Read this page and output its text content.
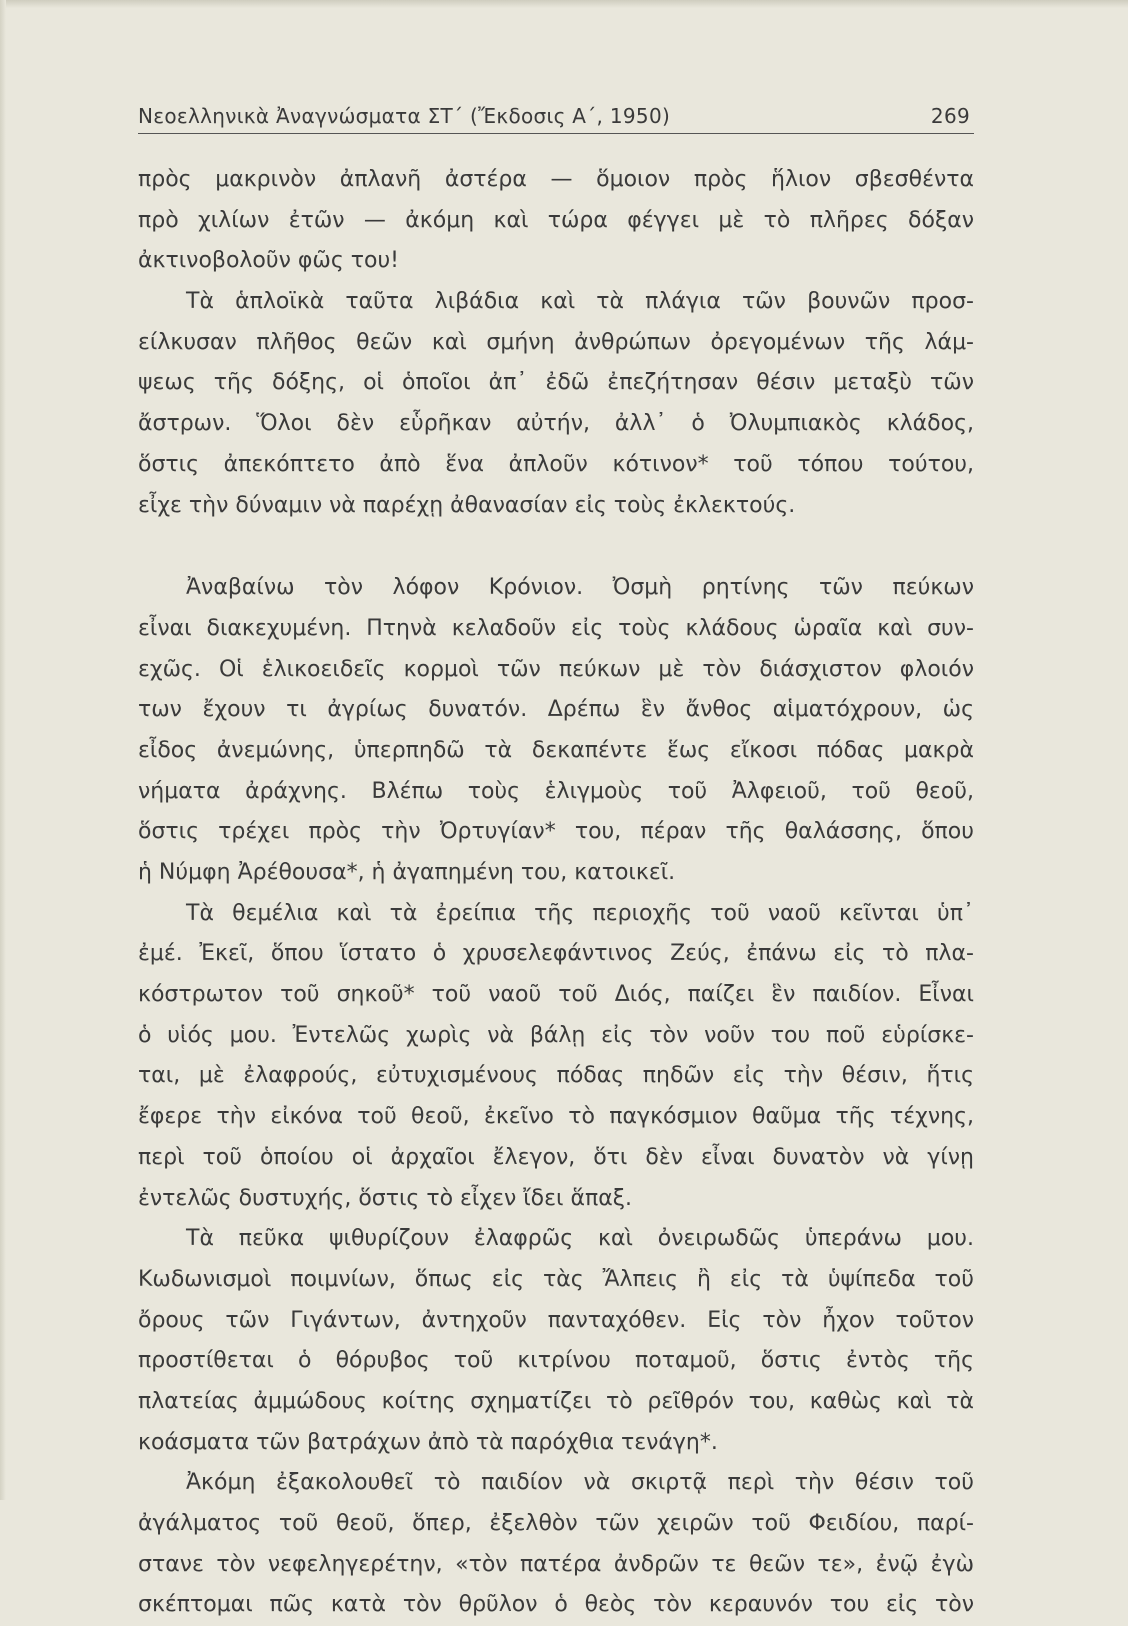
Νεοελληνικὰ Ἀναγνώσματα ΣΤ΄ (Ἔκδοσις Α΄, 1950)	269
πρὸς μακρινὸν ἀπλανῆ ἀστέρα — ὅμοιον πρὸς ἥλιον σβεσθέντα
πρὸ χιλίων ἐτῶν — ἀκόμη καὶ τώρα φέγγει μὲ τὸ πλῆρες δόξαν
ἀκτινοβολοῦν φῶς του!
Τὰ ἁπλοϊκὰ ταῦτα λιβάδια καὶ τὰ πλάγια τῶν βουνῶν προσ-
είλκυσαν πλῆθος θεῶν καὶ σμήνη ἀνθρώπων ὀρεγομένων τῆς λάμ-
ψεως τῆς δόξης, οἱ ὁποῖοι ἀπ᾿ ἐδῶ ἐπεζήτησαν θέσιν μεταξὺ τῶν
ἄστρων. Ὅλοι δὲν εὗρῆκαν αὐτήν, ἀλλ᾿ ὁ Ὀλυμπιακὸς κλάδος,
ὅστις ἀπεκόπτετο ἀπὸ ἕνα ἀπλοῦν κότινον* τοῦ τόπου τούτου,
εἶχε τὴν δύναμιν νὰ παρέχῃ ἀθανασίαν εἰς τοὺς ἐκλεκτούς.
Ἀναβαίνω τὸν λόφον Κρόνιον. Ὀσμὴ ρητίνης τῶν πεύκων
εἶναι διακεχυμένη. Πτηνὰ κελαδοῦν εἰς τοὺς κλάδους ὡραῖα καὶ συν-
εχῶς. Οἱ ἑλικοειδεῖς κορμοὶ τῶν πεύκων μὲ τὸν διάσχιστον φλοιόν
των ἔχουν τι ἀγρίως δυνατόν. Δρέπω ἓν ἄνθος αἱματόχρουν, ὡς
εἶδος ἀνεμώνης, ὑπερπηδῶ τὰ δεκαπέντε ἕως εἴκοσι πόδας μακρὰ
νήματα ἀράχνης. Βλέπω τοὺς ἑλιγμοὺς τοῦ Ἀλφειοῦ, τοῦ θεοῦ,
ὅστις τρέχει πρὸς τὴν Ὀρτυγίαν* του, πέραν τῆς θαλάσσης, ὅπου
ἡ Νύμφη Ἀρέθουσα*, ἡ ἀγαπημένη του, κατοικεῖ.
Τὰ θεμέλια καὶ τὰ ἐρείπια τῆς περιοχῆς τοῦ ναοῦ κεῖνται ὑπ᾿
ἐμέ. Ἐκεῖ, ὅπου ἵστατο ὁ χρυσελεφάντινος Ζεύς, ἐπάνω εἰς τὸ πλα-
κόστρωτον τοῦ σηκοῦ* τοῦ ναοῦ τοῦ Διός, παίζει ἓν παιδίον. Εἶναι
ὁ υἱός μου. Ἐντελῶς χωρὶς νὰ βάλῃ εἰς τὸν νοῦν του ποῦ εὑρίσκε-
ται, μὲ ἐλαφρούς, εὐτυχισμένους πόδας πηδῶν εἰς τὴν θέσιν, ἥτις
ἔφερε τὴν εἰκόνα τοῦ θεοῦ, ἐκεῖνο τὸ παγκόσμιον θαῦμα τῆς τέχνης,
περὶ τοῦ ὁποίου οἱ ἀρχαῖοι ἔλεγον, ὅτι δὲν εἶναι δυνατὸν νὰ γίνῃ
ἐντελῶς δυστυχής, ὅστις τὸ εἶχεν ἴδει ἅπαξ.
Τὰ πεῦκα ψιθυρίζουν ἐλαφρῶς καὶ ὀνειρωδῶς ὑπεράνω μου.
Κωδωνισμοὶ ποιμνίων, ὅπως εἰς τὰς Ἄλπεις ἢ εἰς τὰ ὑψίπεδα τοῦ
ὄρους τῶν Γιγάντων, ἀντηχοῦν πανταχόθεν. Εἰς τὸν ἦχον τοῦτον
προστίθεται ὁ θόρυβος τοῦ κιτρίνου ποταμοῦ, ὅστις ἐντὸς τῆς
πλατείας ἀμμώδους κοίτης σχηματίζει τὸ ρεῖθρόν του, καθὼς καὶ τὰ
κοάσματα τῶν βατράχων ἀπὸ τὰ παρόχθια τενάγη*.
Ἀκόμη ἐξακολουθεῖ τὸ παιδίον νὰ σκιρτᾷ περὶ τὴν θέσιν τοῦ
ἀγάλματος τοῦ θεοῦ, ὅπερ, ἐξελθὸν τῶν χειρῶν τοῦ Φειδίου, παρί-
στανε τὸν νεφεληγερέτην, «τὸν πατέρα ἀνδρῶν τε θεῶν τε», ἐνῷ ἐγὼ
σκέπτομαι πῶς κατὰ τὸν θρῦλον ὁ θεὸς τὸν κεραυνόν του εἰς τὸν
